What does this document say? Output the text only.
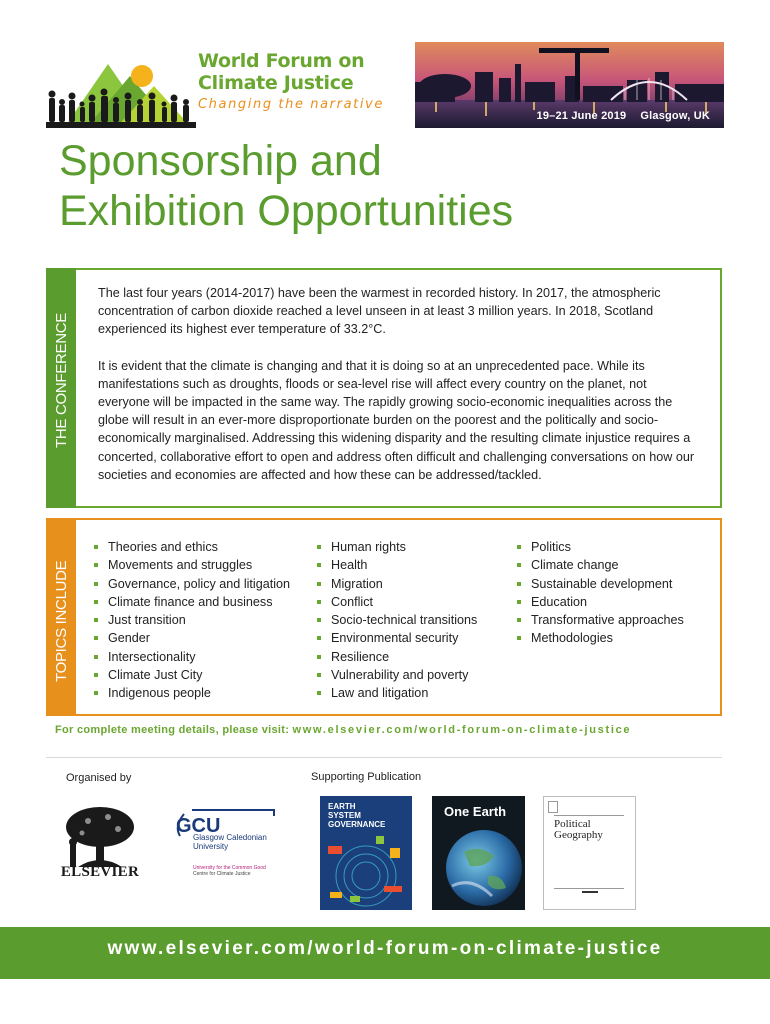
World Forum on
Climate Justice
Changing the narrative
19–21 June 2019 Glasgow, UK
Sponsorship and
Exhibition Opportunities
THE CONFERENCE

The last four years (2014-2017) have been the warmest in recorded history. In 2017, the atmospheric concentration of carbon dioxide reached a level unseen in at least 3 million years. In 2018, Scotland experienced its highest ever temperature of 33.2°C.

It is evident that the climate is changing and that it is doing so at an unprecedented pace. While its manifestations such as droughts, floods or sea-level rise will affect every country on the planet, not everyone will be impacted in the same way. The rapidly growing socio-economic inequalities across the globe will result in an ever-more disproportionate burden on the poorest and the politically and socio-economically marginalised. Addressing this widening disparity and the resulting climate injustice requires a concerted, collaborative effort to open and address often difficult and challenging conversations on how our societies and economies are affected and how these can be addressed/tackled.

TOPICS INCLUDE
Theories and ethics
Movements and struggles
Governance, policy and litigation
Climate finance and business
Just transition
Gender
Intersectionality
Climate Just City
Indigenous people
Human rights
Health
Migration
Conflict
Socio-technical transitions
Environmental security
Resilience
Vulnerability and poverty
Law and litigation
Politics
Climate change
Sustainable development
Education
Transformative approaches
Methodologies
For complete meeting details, please visit: www.elsevier.com/world-forum-on-climate-justice
Organised by	Supporting Publication
ELSEVIER
GCU
Glasgow Caledonian
University
University for the Common Good
Centre for Climate Justice
EARTH
SYSTEM
GOVERNANCE
One Earth
Political
Geography
www.elsevier.com/world-forum-on-climate-justice
